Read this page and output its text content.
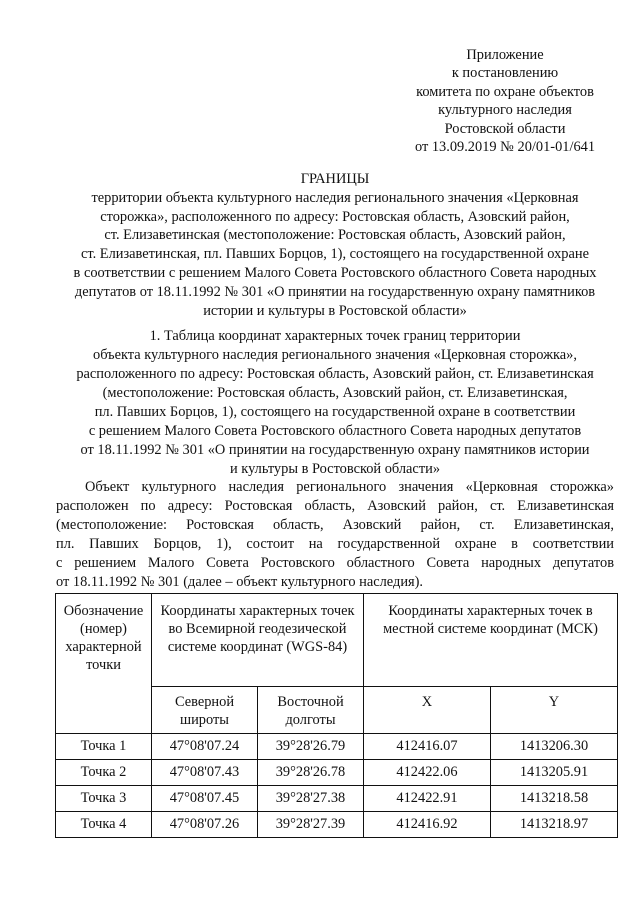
Приложение
к постановлению
комитета по охране объектов
культурного наследия
Ростовской области
от 13.09.2019 № 20/01-01/641
ГРАНИЦЫ
территории объекта культурного наследия регионального значения «Церковная
сторожка», расположенного по адресу: Ростовская область, Азовский район,
ст. Елизаветинская (местоположение: Ростовская область, Азовский район,
ст. Елизаветинская, пл. Павших Борцов, 1), состоящего на государственной охране
в соответствии с решением Малого Совета Ростовского областного Совета народных
депутатов от 18.11.1992 № 301 «О принятии на государственную охрану памятников
истории и культуры в Ростовской области»
1. Таблица координат характерных точек границ территории
объекта культурного наследия регионального значения «Церковная сторожка»,
расположенного по адресу: Ростовская область, Азовский район, ст. Елизаветинская
(местоположение: Ростовская область, Азовский район, ст. Елизаветинская,
пл. Павших Борцов, 1), состоящего на государственной охране в соответствии
с решением Малого Совета Ростовского областного Совета народных депутатов
от 18.11.1992 № 301 «О принятии на государственную охрану памятников истории
и культуры в Ростовской области»
Объект культурного наследия регионального значения «Церковная сторожка»
расположен по адресу: Ростовская область, Азовский район, ст. Елизаветинская
(местоположение: Ростовская область, Азовский район, ст. Елизаветинская,
пл. Павших Борцов, 1), состоит на государственной охране в соответствии
с решением Малого Совета Ростовского областного Совета народных депутатов
от 18.11.1992 № 301 (далее – объект культурного наследия).
Обозначение (номер) характерной точки	Координаты характерных точек во Всемирной геодезической системе координат (WGS-84)		Координаты характерных точек в местной системе координат (МСК)	
	Северной широты	Восточной долготы	X	Y
Точка 1	47°08'07.24	39°28'26.79	412416.07	1413206.30
Точка 2	47°08'07.43	39°28'26.78	412422.06	1413205.91
Точка 3	47°08'07.45	39°28'27.38	412422.91	1413218.58
Точка 4	47°08'07.26	39°28'27.39	412416.92	1413218.97
